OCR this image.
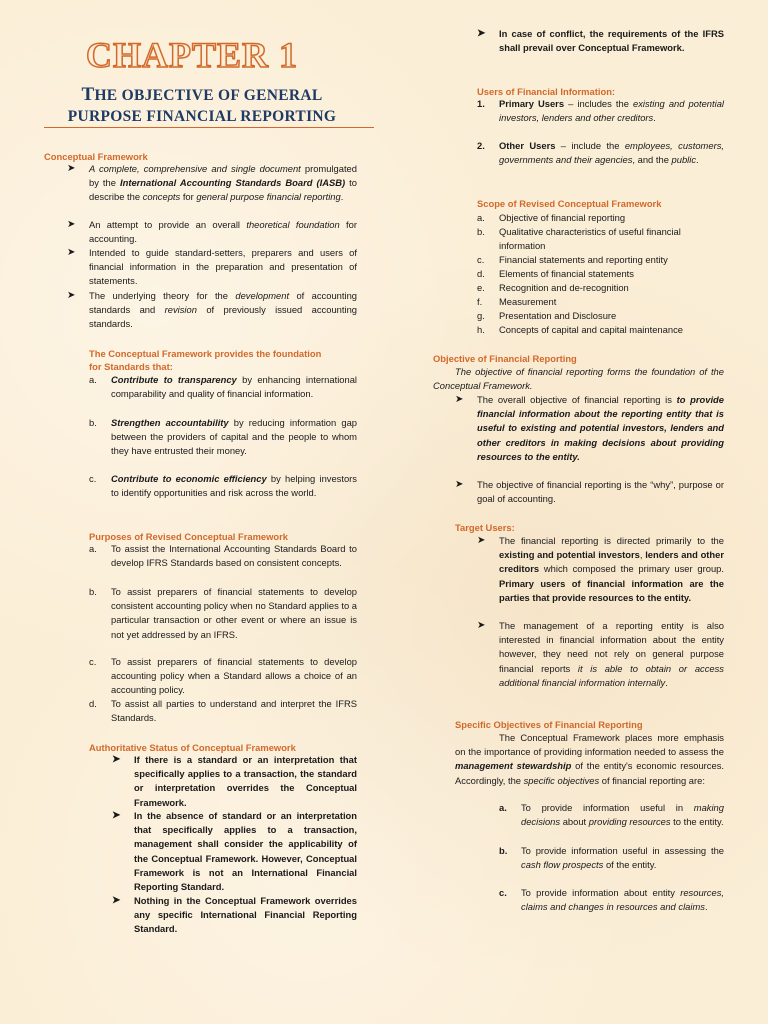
CHAPTER 1
THE OBJECTIVE OF GENERAL
PURPOSE FINANCIAL REPORTING
Conceptual Framework
➤ A complete, comprehensive and single document promulgated by the International Accounting Standards Board (IASB) to describe the concepts for general purpose financial reporting.
➤ An attempt to provide an overall theoretical foundation for accounting.
➤ Intended to guide standard-setters, preparers and users of financial information in the preparation and presentation of statements.
➤ The underlying theory for the development of accounting standards and revision of previously issued accounting standards.
The Conceptual Framework provides the foundation
for Standards that:
a. Contribute to transparency by enhancing international comparability and quality of financial information.
b. Strengthen accountability by reducing information gap between the providers of capital and the people to whom they have entrusted their money.
c. Contribute to economic efficiency by helping investors to identify opportunities and risk across the world.
Purposes of Revised Conceptual Framework
a. To assist the International Accounting Standards Board to develop IFRS Standards based on consistent concepts.
b. To assist preparers of financial statements to develop consistent accounting policy when no Standard applies to a particular transaction or other event or where an issue is not yet addressed by an IFRS.
c. To assist preparers of financial statements to develop accounting policy when a Standard allows a choice of an accounting policy.
d. To assist all parties to understand and interpret the IFRS Standards.
Authoritative Status of Conceptual Framework
➤ If there is a standard or an interpretation that specifically applies to a transaction, the standard or interpretation overrides the Conceptual Framework.
➤ In the absence of standard or an interpretation that specifically applies to a transaction, management shall consider the applicability of the Conceptual Framework. However, Conceptual Framework is not an International Financial Reporting Standard.
➤ Nothing in the Conceptual Framework overrides any specific International Financial Reporting Standard.
➤ In case of conflict, the requirements of the IFRS shall prevail over Conceptual Framework.
Users of Financial Information:
1. Primary Users – includes the existing and potential investors, lenders and other creditors.
2. Other Users – include the employees, customers, governments and their agencies, and the public.
Scope of Revised Conceptual Framework
a. Objective of financial reporting
b. Qualitative characteristics of useful financial information
c. Financial statements and reporting entity
d. Elements of financial statements
e. Recognition and de-recognition
f. Measurement
g. Presentation and Disclosure
h. Concepts of capital and capital maintenance
Objective of Financial Reporting
The objective of financial reporting forms the foundation of the Conceptual Framework.
➤ The overall objective of financial reporting is to provide financial information about the reporting entity that is useful to existing and potential investors, lenders and other creditors in making decisions about providing resources to the entity.
➤ The objective of financial reporting is the “why”, purpose or goal of accounting.
Target Users:
➤ The financial reporting is directed primarily to the existing and potential investors, lenders and other creditors which composed the primary user group. Primary users of financial information are the parties that provide resources to the entity.
➤ The management of a reporting entity is also interested in financial information about the entity however, they need not rely on general purpose financial reports it is able to obtain or access additional financial information internally.
Specific Objectives of Financial Reporting
The Conceptual Framework places more emphasis on the importance of providing information needed to assess the management stewardship of the entity's economic resources. Accordingly, the specific objectives of financial reporting are:
a. To provide information useful in making decisions about providing resources to the entity.
b. To provide information useful in assessing the cash flow prospects of the entity.
c. To provide information about entity resources, claims and changes in resources and claims.
